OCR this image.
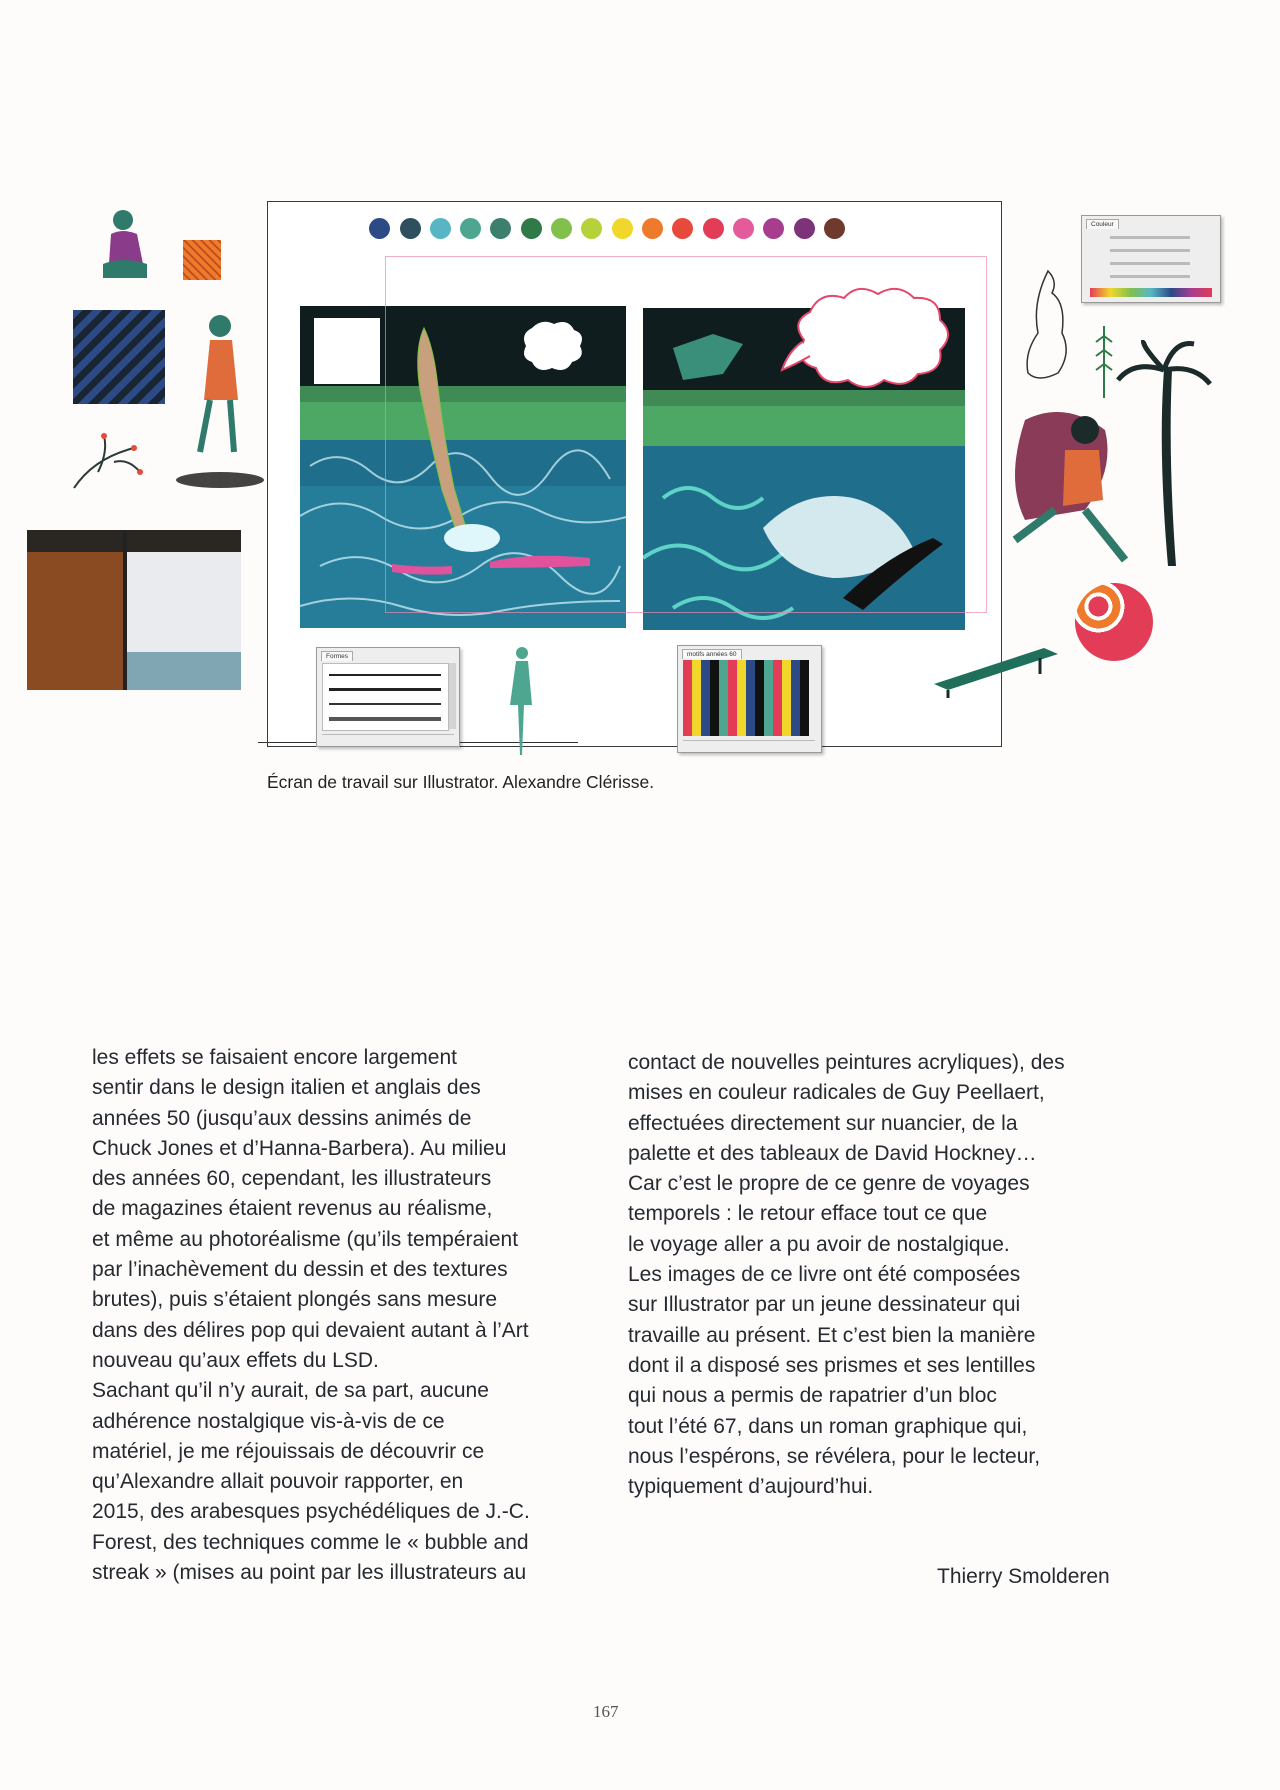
Formes	motifs années 60
Couleur
Écran de travail sur Illustrator. Alexandre Clérisse.

les effets se faisaient encore largement

sentir dans le design italien et anglais des

années 50 (jusqu’aux dessins animés de

Chuck Jones et d’Hanna-Barbera). Au milieu

des années 60, cependant, les illustrateurs

de magazines étaient revenus au réalisme,

et même au photoréalisme (qu’ils tempéraient

par l’inachèvement du dessin et des textures

brutes), puis s’étaient plongés sans mesure

dans des délires pop qui devaient autant à l’Art

nouveau qu’aux effets du LSD.

Sachant qu’il n’y aurait, de sa part, aucune

adhérence nostalgique vis-à-vis de ce

matériel, je me réjouissais de découvrir ce

qu’Alexandre allait pouvoir rapporter, en

2015, des arabesques psychédéliques de J.-C.

Forest, des techniques comme le « bubble and

streak » (mises au point par les illustrateurs au

contact de nouvelles peintures acryliques), des

mises en couleur radicales de Guy Peellaert,

effectuées directement sur nuancier, de la

palette et des tableaux de David Hockney…

Car c’est le propre de ce genre de voyages

temporels : le retour efface tout ce que

le voyage aller a pu avoir de nostalgique.

Les images de ce livre ont été composées

sur Illustrator par un jeune dessinateur qui

travaille au présent. Et c’est bien la manière

dont il a disposé ses prismes et ses lentilles

qui nous a permis de rapatrier d’un bloc

tout l’été 67, dans un roman graphique qui,

nous l’espérons, se révélera, pour le lecteur,

typiquement d’aujourd’hui.

Thierry Smolderen
167
